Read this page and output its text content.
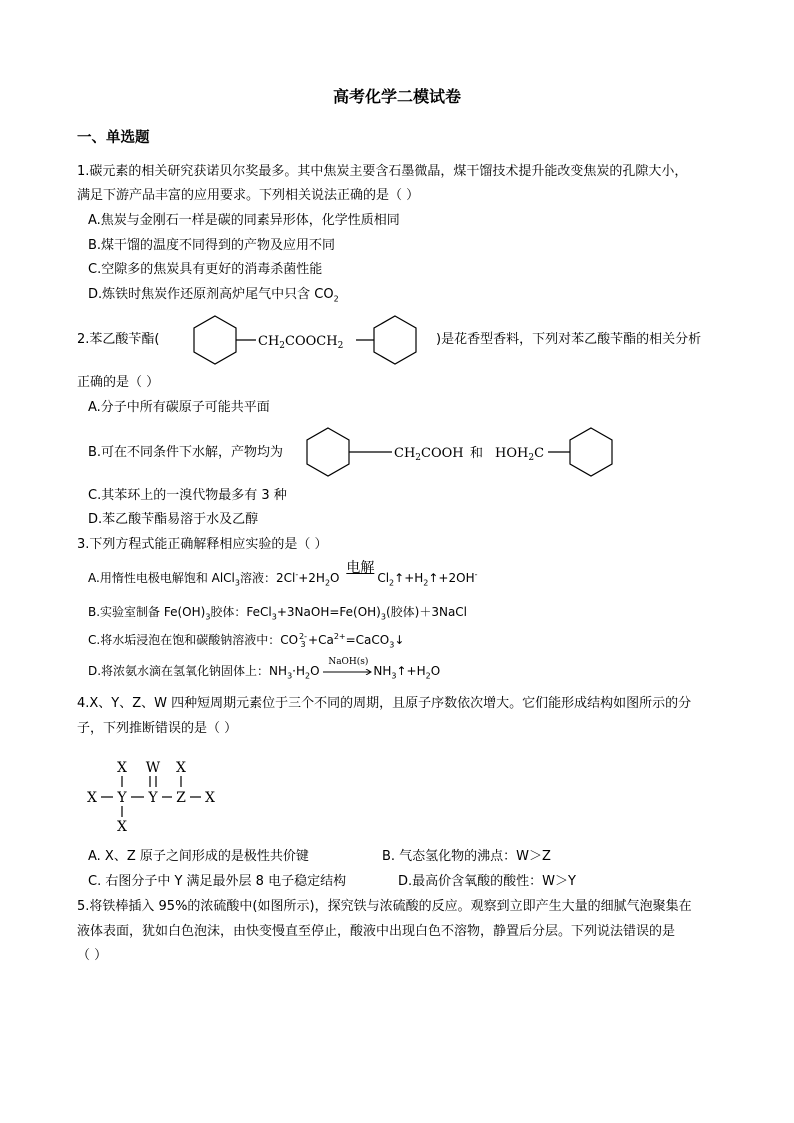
高考化学二模试卷
一、单选题
1.碳元素的相关研究获诺贝尔奖最多。其中焦炭主要含石墨微晶，煤干馏技术提升能改变焦炭的孔隙大小，
满足下游产品丰富的应用要求。下列相关说法正确的是（ ）
A.焦炭与金刚石一样是碳的同素异形体，化学性质相同
B.煤干馏的温度不同得到的产物及应用不同
C.空隙多的焦炭具有更好的消毒杀菌性能
D.炼铁时焦炭作还原剂高炉尾气中只含 $CO_2$
2.苯乙酸苄酯(	$CH_2COOCH_2$	)是花香型香料，下列对苯乙酸苄酯的相关分析
正确的是（ ）
A.分子中所有碳原子可能共平面
B.可在不同条件下水解，产物均为	$CH_2COOH$ 和 $HOH_2C$
C.其苯环上的一溴代物最多有 3 种
D.苯乙酸苄酯易溶于水及乙醇
3.下列方程式能正确解释相应实验的是（ ）
A.用惰性电极电解饱和 AlCl$_3$溶液：$2Cl^-+2H_2O$
电解
$Cl_2↑+H_2↑+2OH^-$
B.实验室制备 $Fe(OH)_3$胶体：$FeCl_3+3NaOH=Fe(OH)_3$(胶体)＋3NaCl
C.将水垢浸泡在饱和碳酸钠溶液中：CO 2-
$3 +Ca^{2+}=CaCO_3↓$
D.将浓氨水滴在氢氧化钠固体上：$NH_3\cdot H_2O$
NaOH(s)
$NH_3↑+H_2O$
4.X、Y、Z、W 四种短周期元素位于三个不同的周期，且原子序数依次增大。它们能形成结构如图所示的分
子，下列推断错误的是（ ）
X W X
X Y Y Z X
X
A. X、Z 原子之间形成的是极性共价键	B. 气态氢化物的沸点：W＞Z
C. 右图分子中 Y 满足最外层 8 电子稳定结构	D.最高价含氧酸的酸性：W＞Y
5.将铁棒插入 95%的浓硫酸中(如图所示)，探究铁与浓硫酸的反应。观察到立即产生大量的细腻气泡聚集在
液体表面，犹如白色泡沫，由快变慢直至停止，酸液中出现白色不溶物，静置后分层。下列说法错误的是
（ ）
